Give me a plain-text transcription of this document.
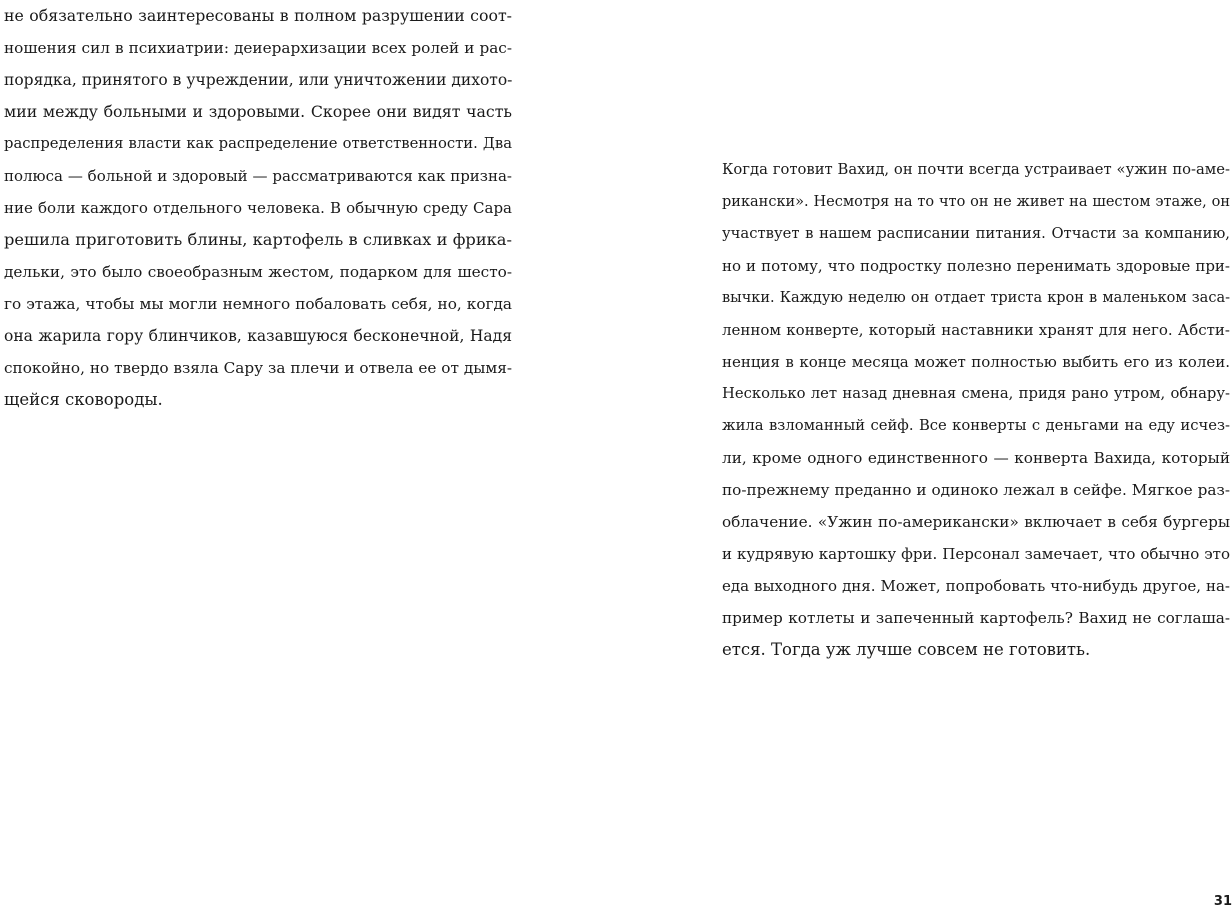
не обязательно заинтересованы в полном разрушении соот-
ношения сил в психиатрии: деиерархизации всех ролей и рас-
порядка, принятого в учреждении, или уничтожении дихото-
мии между больными и здоровыми. Скорее они видят часть
распределения власти как распределение ответственности. Два
полюса — больной и здоровый — рассматриваются как призна-
ние боли каждого отдельного человека. В обычную среду Сара
решила приготовить блины, картофель в сливках и фрика-
дельки, это было своеобразным жестом, подарком для шесто-
го этажа, чтобы мы могли немного побаловать себя, но, когда
она жарила гору блинчиков, казавшуюся бесконечной, Надя
спокойно, но твердо взяла Сару за плечи и отвела ее от дымя-
щейся сковороды.
Когда готовит Вахид, он почти всегда устраивает «ужин по-аме-
рикански». Несмотря на то что он не живет на шестом этаже, он
участвует в нашем расписании питания. Отчасти за компанию,
но и потому, что подростку полезно перенимать здоровые при-
вычки. Каждую неделю он отдает триста крон в маленьком заса-
ленном конверте, который наставники хранят для него. Абсти-
ненция в конце месяца может полностью выбить его из колеи.
Несколько лет назад дневная смена, придя рано утром, обнару-
жила взломанный сейф. Все конверты с деньгами на еду исчез-
ли, кроме одного единственного — конверта Вахида, который
по-прежнему преданно и одиноко лежал в сейфе. Мягкое раз-
облачение. «Ужин по-американски» включает в себя бургеры
и кудрявую картошку фри. Персонал замечает, что обычно это
еда выходного дня. Может, попробовать что-нибудь другое, на-
пример котлеты и запеченный картофель? Вахид не соглаша-
ется. Тогда уж лучше совсем не готовить.
31
